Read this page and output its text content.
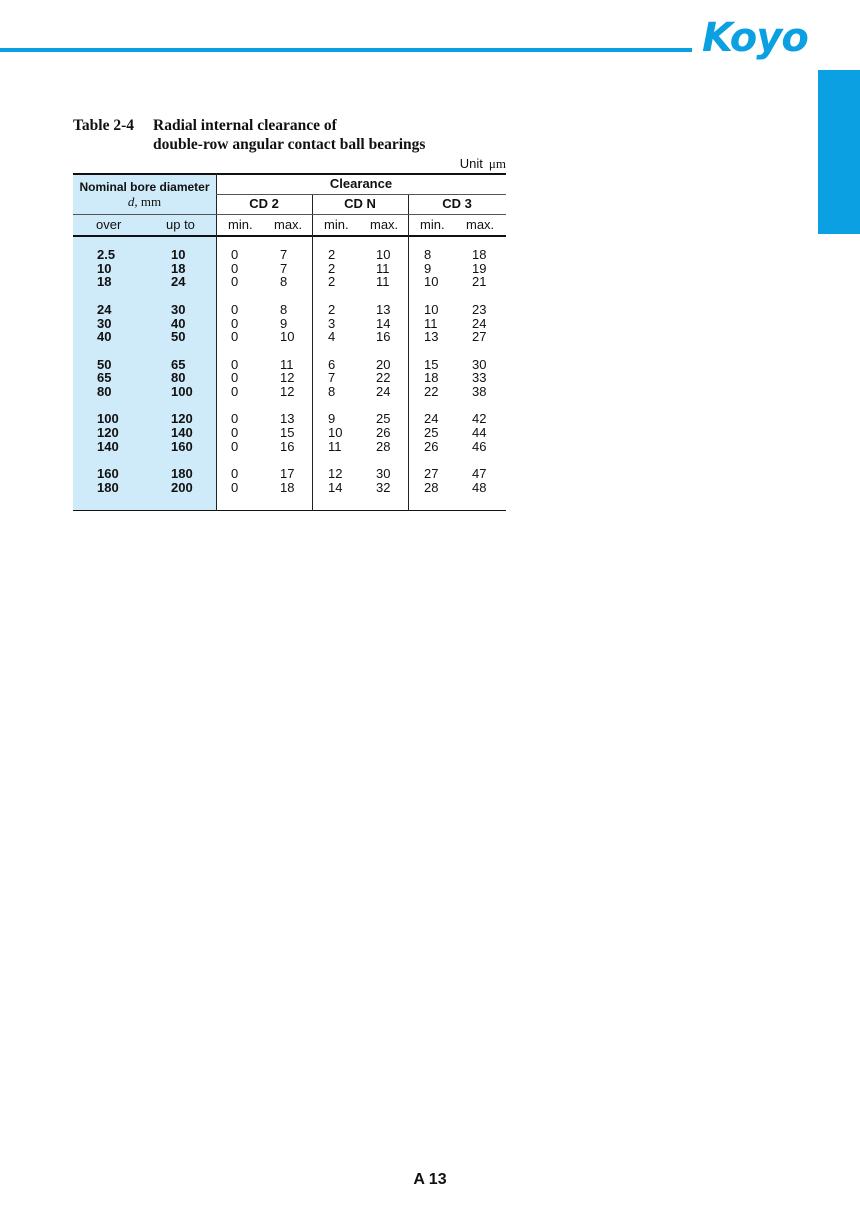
Koyo
Table 2-4 Radial internal clearance of
double-row angular contact ball bearings
Unit μm
Nominal bore diameter
d, mm
Clearance
CD 2	CD N	CD 3
over	up to	min. max. min. max. min. max.
2.5	10	0	7	2	10	8	18
10	18	0	7	2	11	9	19
18	24	0	8	2	11	10	21
24	30	0	8	2	13	10	23
30	40	0	9	3	14	11	24
40	50	0	10	4	16	13	27
50	65	0	11	6	20	15	30
65	80	0	12	7	22	18	33
80	100	0	12	8	24	22	38
100	120	0	13	9	25	24	42
120	140	0	15	10	26	25	44
140	160	0	16	11	28	26	46
160	180	0	17	12	30	27	47
180	200	0	18	14	32	28	48
A 13
